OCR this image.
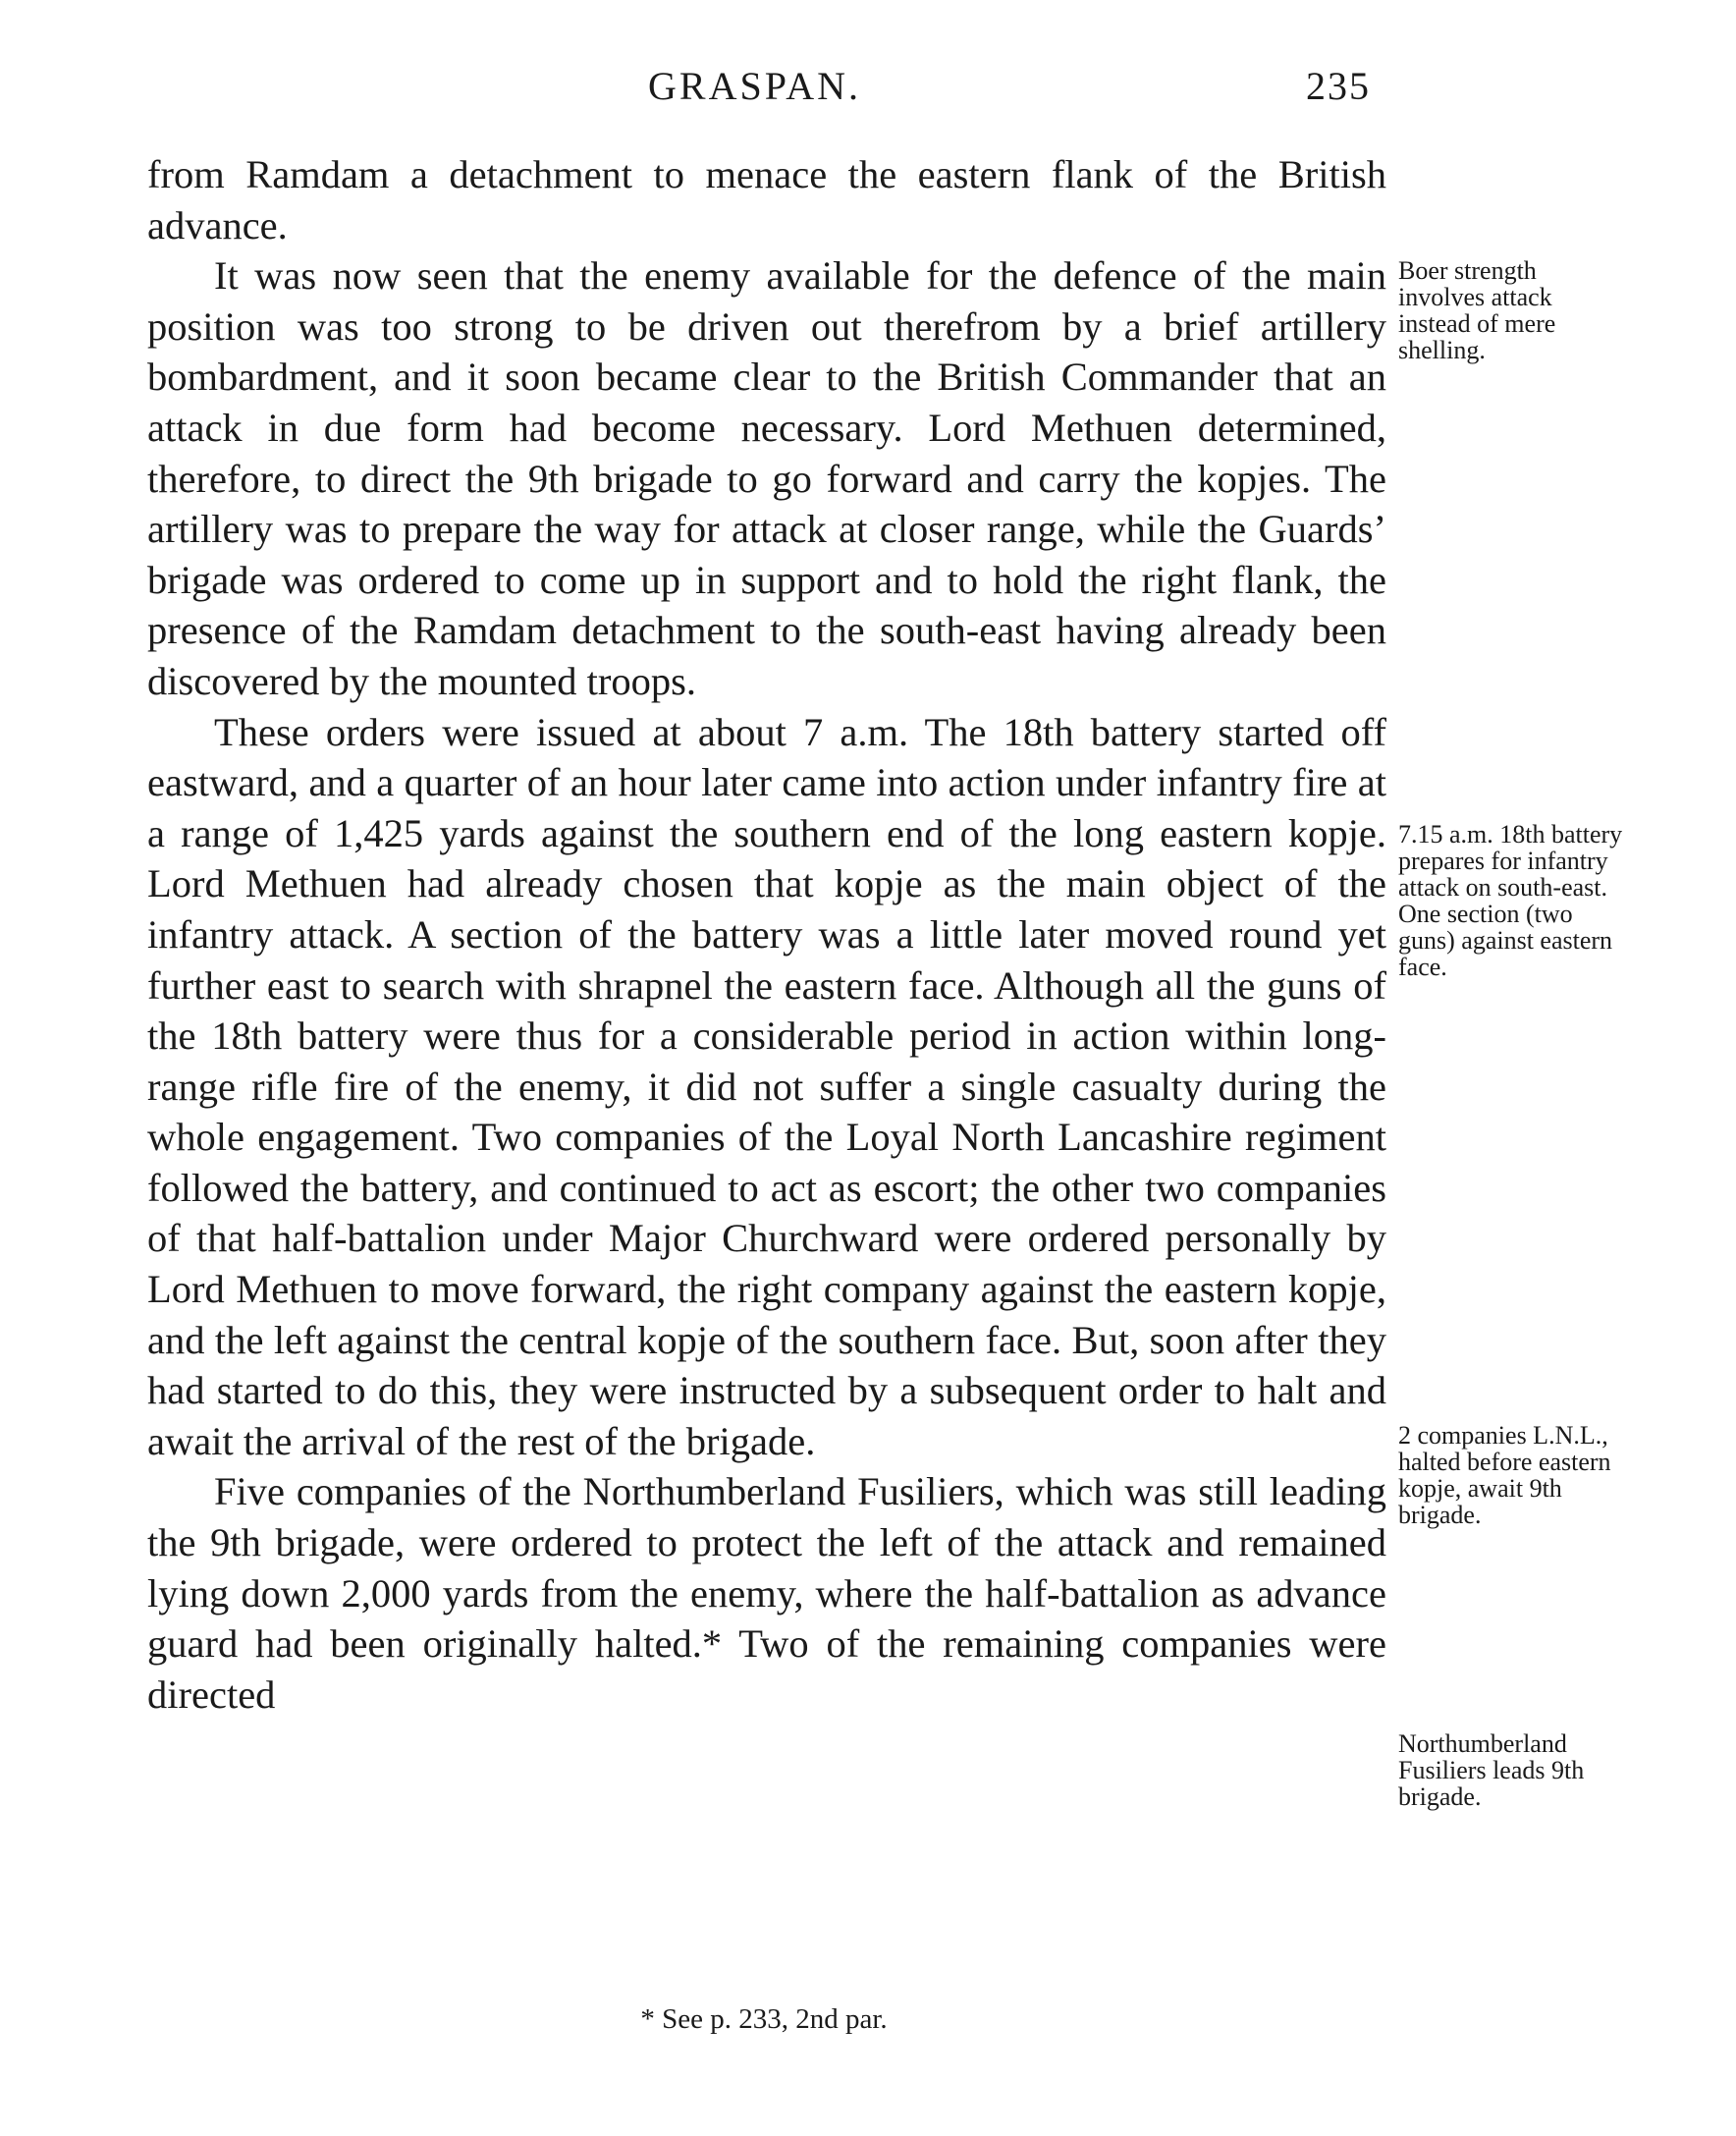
GRASPAN.	235

from Ramdam a detachment to menace the eastern flank of the British advance.

It was now seen that the enemy available for the defence of the main position was too strong to be driven out therefrom by a brief artillery bombardment, and it soon became clear to the British Commander that an attack in due form had become necessary. Lord Methuen determined, therefore, to direct the 9th brigade to go forward and carry the kopjes. The artillery was to prepare the way for attack at closer range, while the Guards’ brigade was ordered to come up in support and to hold the right flank, the presence of the Ramdam detachment to the south-east having already been discovered by the mounted troops.

These orders were issued at about 7 a.m. The 18th battery started off eastward, and a quarter of an hour later came into action under infantry fire at a range of 1,425 yards against the southern end of the long eastern kopje. Lord Methuen had already chosen that kopje as the main object of the infantry attack. A section of the battery was a little later moved round yet further east to search with shrapnel the eastern face. Although all the guns of the 18th battery were thus for a considerable period in action within long-range rifle fire of the enemy, it did not suffer a single casualty during the whole engagement. Two companies of the Loyal North Lancashire regiment followed the battery, and continued to act as escort; the other two companies of that half-battalion under Major Churchward were ordered personally by Lord Methuen to move forward, the right company against the eastern kopje, and the left against the central kopje of the southern face. But, soon after they had started to do this, they were instructed by a subsequent order to halt and await the arrival of the rest of the brigade.

Five companies of the Northumberland Fusiliers, which was still leading the 9th brigade, were ordered to protect the left of the attack and remained lying down 2,000 yards from the enemy, where the half-battalion as advance guard had been originally halted.* Two of the remaining companies were directed

Boer strength involves attack instead of mere shelling.
7.15 a.m. 18th battery prepares for infantry attack on south-east. One section (two guns) against eastern face.
2 companies L.N.L., halted before eastern kopje, await 9th brigade.
Northumberland Fusiliers leads 9th brigade.
* See p. 233, 2nd par.
